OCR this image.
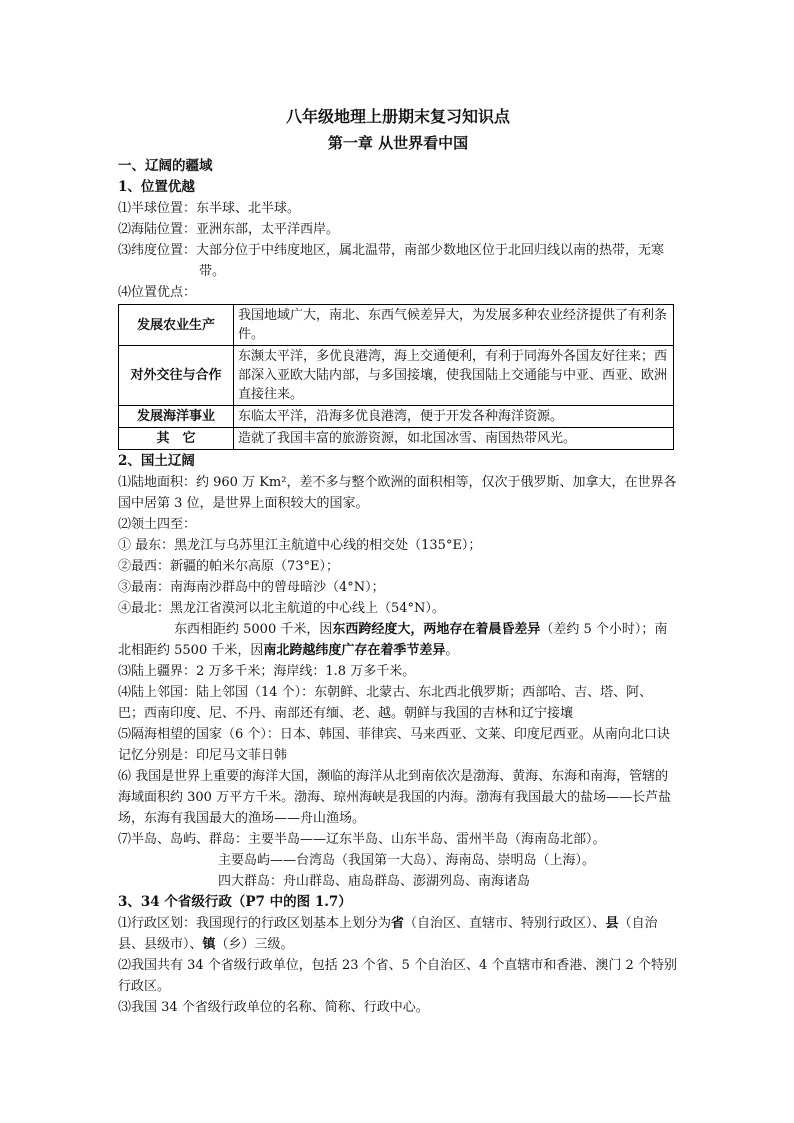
八年级地理上册期末复习知识点
第一章 从世界看中国
一、辽阔的疆域
1、位置优越

⑴半球位置：东半球、北半球。

⑵海陆位置：亚洲东部，太平洋西岸。

⑶纬度位置：大部分位于中纬度地区，属北温带，南部少数地区位于北回归线以南的热带，无寒带。

⑷位置优点：

发展农业生产	我国地域广大，南北、东西气候差异大，为发展多种农业经济提供了有利条件。
对外交往与合作	东濒太平洋，多优良港湾，海上交通便利，有利于同海外各国友好往来；西部深入亚欧大陆内部，与多国接壤，使我国陆上交通能与中亚、西亚、欧洲直接往来。
发展海洋事业	东临太平洋，沿海多优良港湾，便于开发各种海洋资源。
其　它	造就了我国丰富的旅游资源，如北国冰雪、南国热带风光。
2、国土辽阔

⑴陆地面积：约 960 万 Km²，差不多与整个欧洲的面积相等，仅次于俄罗斯、加拿大，在世界各国中居第 3 位，是世界上面积较大的国家。

⑵领土四至：

① 最东：黑龙江与乌苏里江主航道中心线的相交处（135°E）；

②最西：新疆的帕米尔高原（73°E）；

③最南：南海南沙群岛中的曾母暗沙（4°N）；

④最北：黑龙江省漠河以北主航道的中心线上（54°N）。

东西相距约 5000 千米，因东西跨经度大，两地存在着晨昏差异（差约 5 个小时）；南北相距约 5500 千米，因南北跨越纬度广存在着季节差异。

⑶陆上疆界：2 万多千米；海岸线：1.8 万多千米。

⑷陆上邻国：陆上邻国（14 个）：东朝鲜、北蒙古、东北西北俄罗斯；西部哈、吉、塔、阿、巴；西南印度、尼、不丹、南部还有缅、老、越。朝鲜与我国的吉林和辽宁接壤

⑸隔海相望的国家（6 个）：日本、韩国、菲律宾、马来西亚、文莱、印度尼西亚。从南向北口诀记忆分别是：印尼马文菲日韩

⑹ 我国是世界上重要的海洋大国，濒临的海洋从北到南依次是渤海、黄海、东海和南海，管辖的海域面积约 300 万平方千米。渤海、琼州海峡是我国的内海。渤海有我国最大的盐场——长芦盐场，东海有我国最大的渔场——舟山渔场。

⑺半岛、岛屿、群岛：主要半岛——辽东半岛、山东半岛、雷州半岛（海南岛北部）。

主要岛屿——台湾岛（我国第一大岛）、海南岛、崇明岛（上海）。

四大群岛：舟山群岛、庙岛群岛、澎湖列岛、南海诸岛

3、34 个省级行政（P7 中的图 1.7）

⑴行政区划：我国现行的行政区划基本上划分为省（自治区、直辖市、特别行政区）、县（自治县、县级市）、镇（乡）三级。

⑵我国共有 34 个省级行政单位，包括 23 个省、5 个自治区、4 个直辖市和香港、澳门 2 个特别行政区。

⑶我国 34 个省级行政单位的名称、简称、行政中心。
